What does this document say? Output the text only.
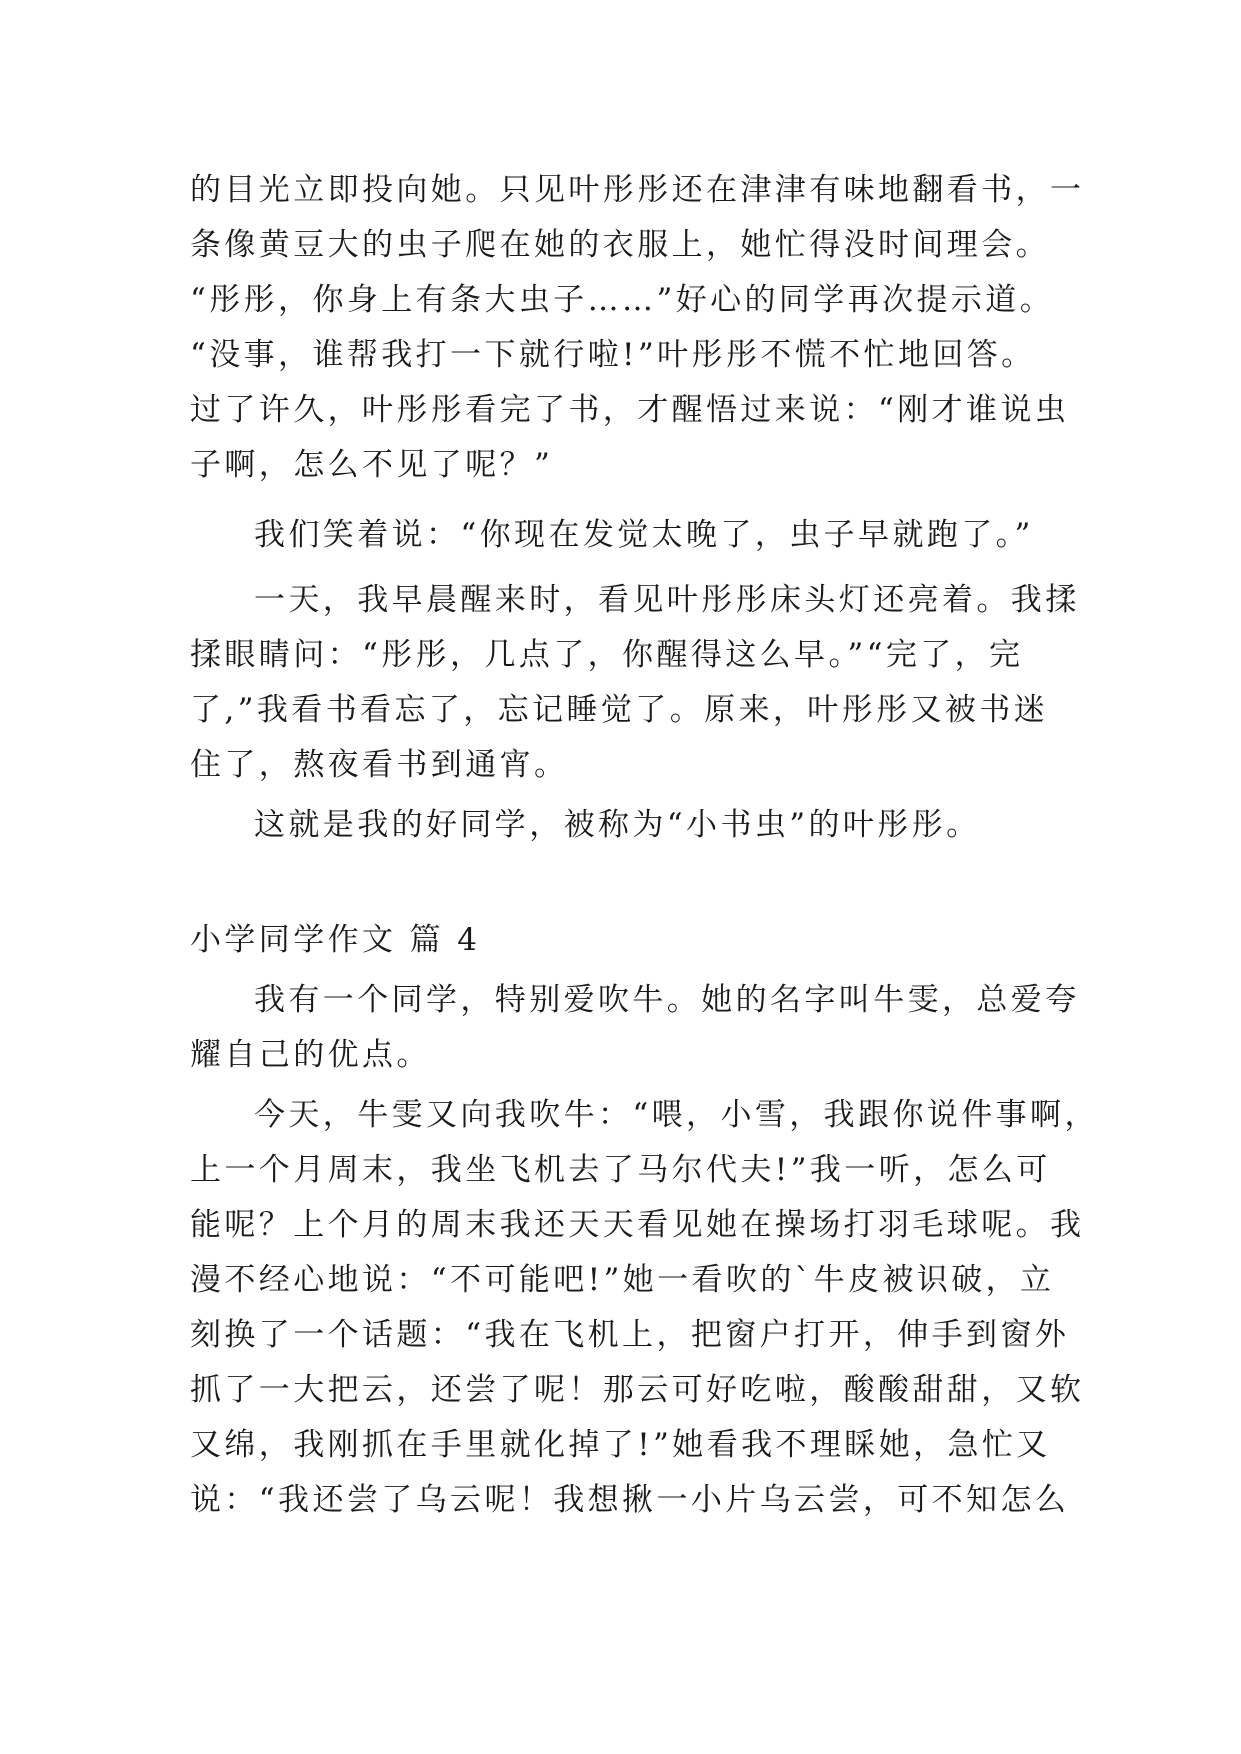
的目光立即投向她。只见叶彤彤还在津津有味地翻看书，一
条像黄豆大的虫子爬在她的衣服上，她忙得没时间理会。
“彤彤，你身上有条大虫子……”好心的同学再次提示道。
“没事，谁帮我打一下就行啦!”叶彤彤不慌不忙地回答。
过了许久，叶彤彤看完了书，才醒悟过来说：“刚才谁说虫
子啊，怎么不见了呢？”
我们笑着说：“你现在发觉太晚了，虫子早就跑了。”
一天，我早晨醒来时，看见叶彤彤床头灯还亮着。我揉
揉眼睛问：“彤彤，几点了，你醒得这么早。”“完了，完
了,”我看书看忘了，忘记睡觉了。原来，叶彤彤又被书迷
住了，熬夜看书到通宵。
这就是我的好同学，被称为“小书虫”的叶彤彤。
小学同学作文 篇 4
我有一个同学，特别爱吹牛。她的名字叫牛雯，总爱夸
耀自己的优点。
今天，牛雯又向我吹牛：“喂，小雪，我跟你说件事啊，
上一个月周末，我坐飞机去了马尔代夫!”我一听，怎么可
能呢？上个月的周末我还天天看见她在操场打羽毛球呢。我
漫不经心地说：“不可能吧!”她一看吹的`牛皮被识破，立
刻换了一个话题：“我在飞机上，把窗户打开，伸手到窗外
抓了一大把云，还尝了呢！那云可好吃啦，酸酸甜甜，又软
又绵，我刚抓在手里就化掉了!”她看我不理睬她，急忙又
说：“我还尝了乌云呢！我想揪一小片乌云尝，可不知怎么
